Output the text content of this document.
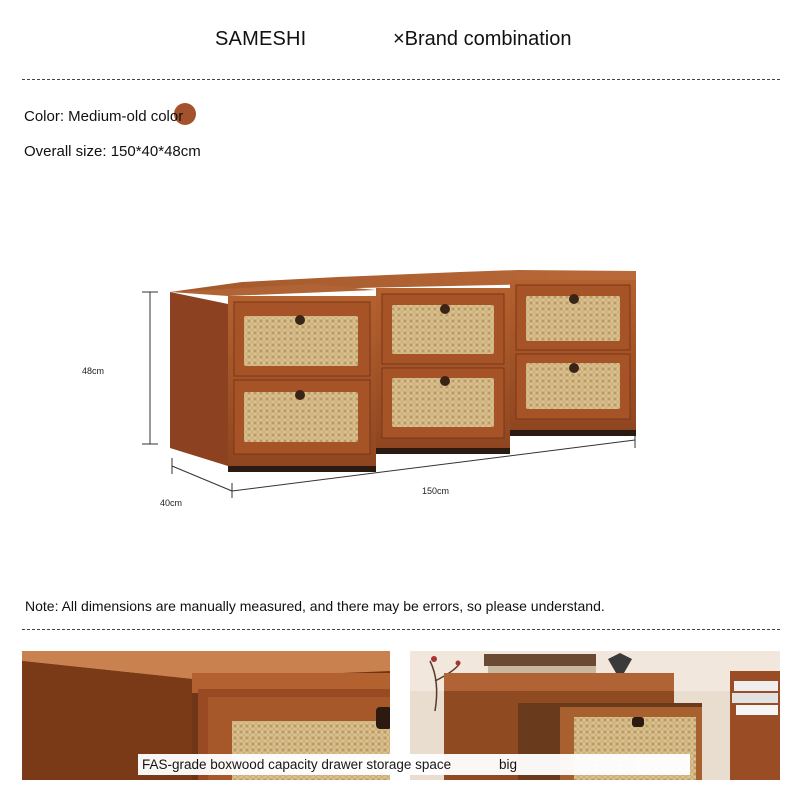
SAMESHI	×Brand combination
Color: Medium-old color
Overall size: 150*40*48cm
48cm
40cm
150cm
Note: All dimensions are manually measured, and there may be errors, so please understand.
FAS-grade boxwood capacity drawer storage space	big
